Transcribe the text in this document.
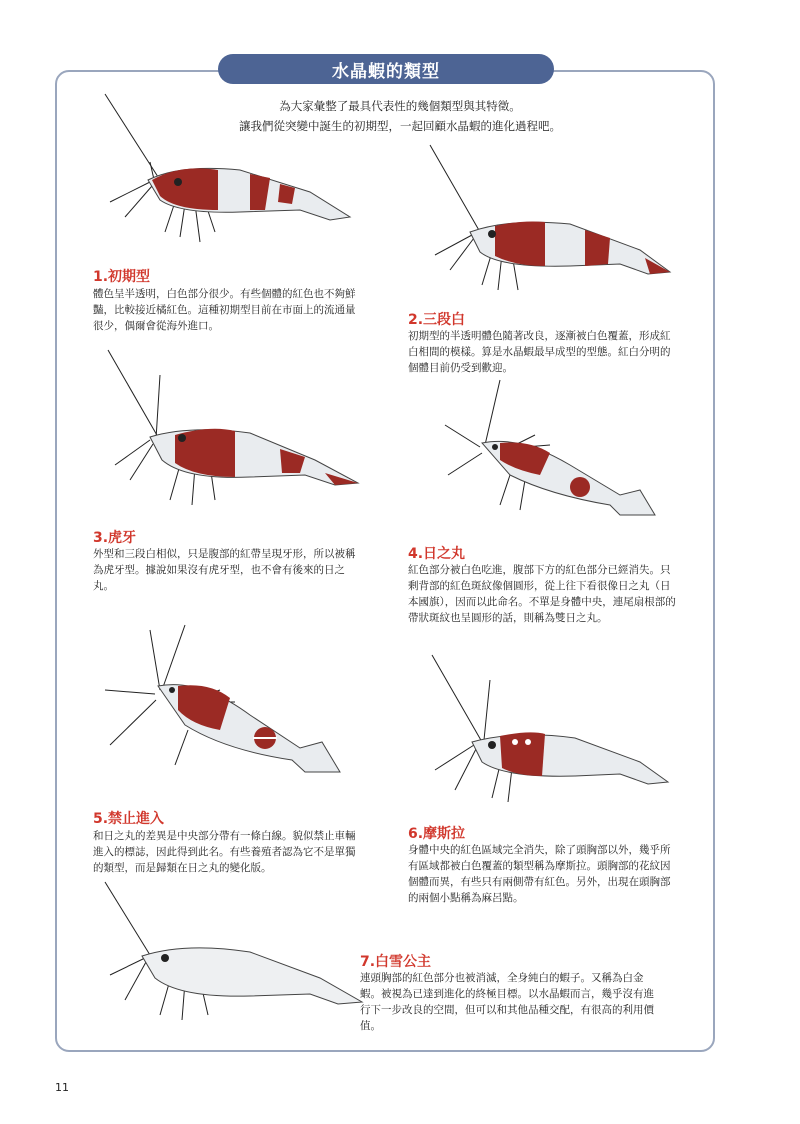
水晶蝦的類型
為大家彙整了最具代表性的幾個類型與其特徵。
讓我們從突變中誕生的初期型，一起回顧水晶蝦的進化過程吧。
1.初期型
體色呈半透明，白色部分很少。有些個體的紅色也不夠鮮豔，比較接近橘紅色。這種初期型目前在市面上的流通量很少，偶爾會從海外進口。	2.三段白
初期型的半透明體色隨著改良，逐漸被白色覆蓋，形成紅白相間的模樣。算是水晶蝦最早成型的型態。紅白分明的個體目前仍受到歡迎。
3.虎牙
外型和三段白相似，只是腹部的紅帶呈現牙形，所以被稱為虎牙型。據說如果沒有虎牙型，也不會有後來的日之丸。
4.日之丸
紅色部分被白色吃進，腹部下方的紅色部分已經消失。只剩背部的紅色斑紋像個圓形，從上往下看很像日之丸（日本國旗），因而以此命名。不單是身體中央，連尾扇根部的帶狀斑紋也呈圓形的話，則稱為雙日之丸。
5.禁止進入
和日之丸的差異是中央部分帶有一條白線。貌似禁止車輛進入的標誌，因此得到此名。有些養殖者認為它不是單獨的類型，而是歸類在日之丸的變化版。
6.摩斯拉
身體中央的紅色區域完全消失，除了頭胸部以外，幾乎所有區域都被白色覆蓋的類型稱為摩斯拉。頭胸部的花紋因個體而異，有些只有兩側帶有紅色。另外，出現在頭胸部的兩個小點稱為麻呂點。
7.白雪公主
連頭胸部的紅色部分也被消滅，全身純白的蝦子。又稱為白金蝦。被視為已達到進化的終極目標。以水晶蝦而言，幾乎沒有進行下一步改良的空間，但可以和其他品種交配，有很高的利用價值。
11
